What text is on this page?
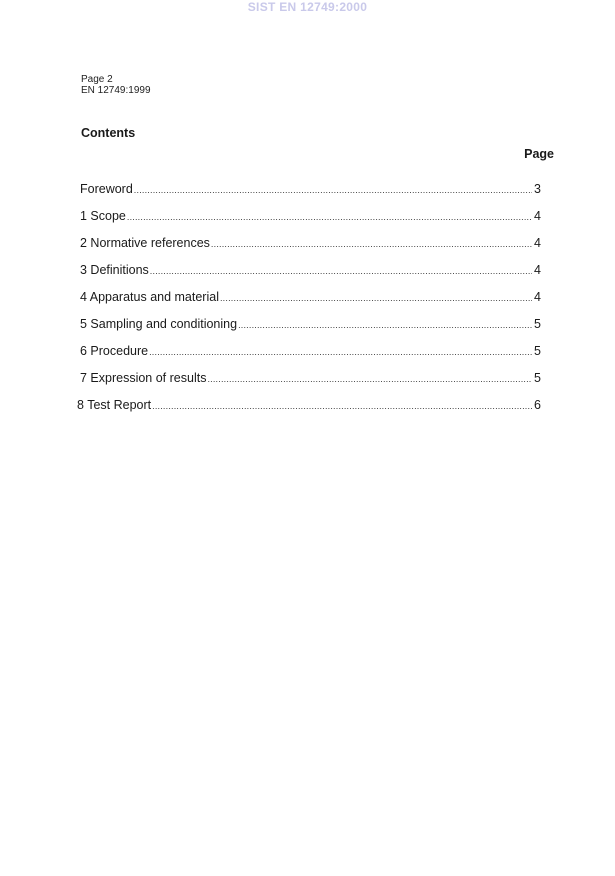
SIST EN 12749:2000
Page 2
EN 12749:1999
Contents
Page
Foreword .....	3
1 Scope .....	4
2 Normative references .....	4
3 Definitions .....	4
4 Apparatus and material .....	4
5 Sampling and conditioning .....	5
6 Procedure .....	5
7 Expression of results .....	5
8 Test Report .....	6
